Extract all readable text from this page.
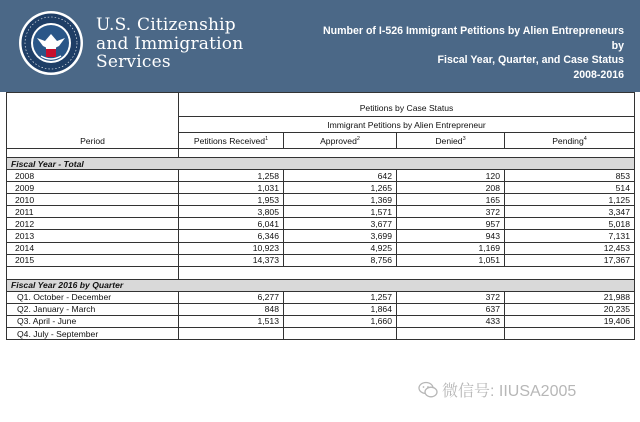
U.S. Citizenship
and Immigration
Services
Number of I-526 Immigrant Petitions by Alien Entrepreneurs by
Fiscal Year, Quarter, and Case Status
2008-2016
Period	Petitions by Case Status			
	Immigrant Petitions by Alien Entrepreneur			
	Petitions Received$^1$	Approved$^2$	Denied$^3$	Pending$^4$

Fiscal Year - Total				
2008	1,258	642	120	853
2009	1,031	1,265	208	514
2010	1,953	1,369	165	1,125
2011	3,805	1,571	372	3,347
2012	6,041	3,677	957	5,018
2013	6,346	3,699	943	7,131
2014	10,923	4,925	1,169	12,453
2015	14,373	8,756	1,051	17,367

Fiscal Year 2016 by Quarter				
Q1. October - December	6,277	1,257	372	21,988
Q2. January - March	848	1,864	637	20,235
Q3. April - June	1,513	1,660	433	19,406
Q4. July - September				
微信号: IIUSA2005
